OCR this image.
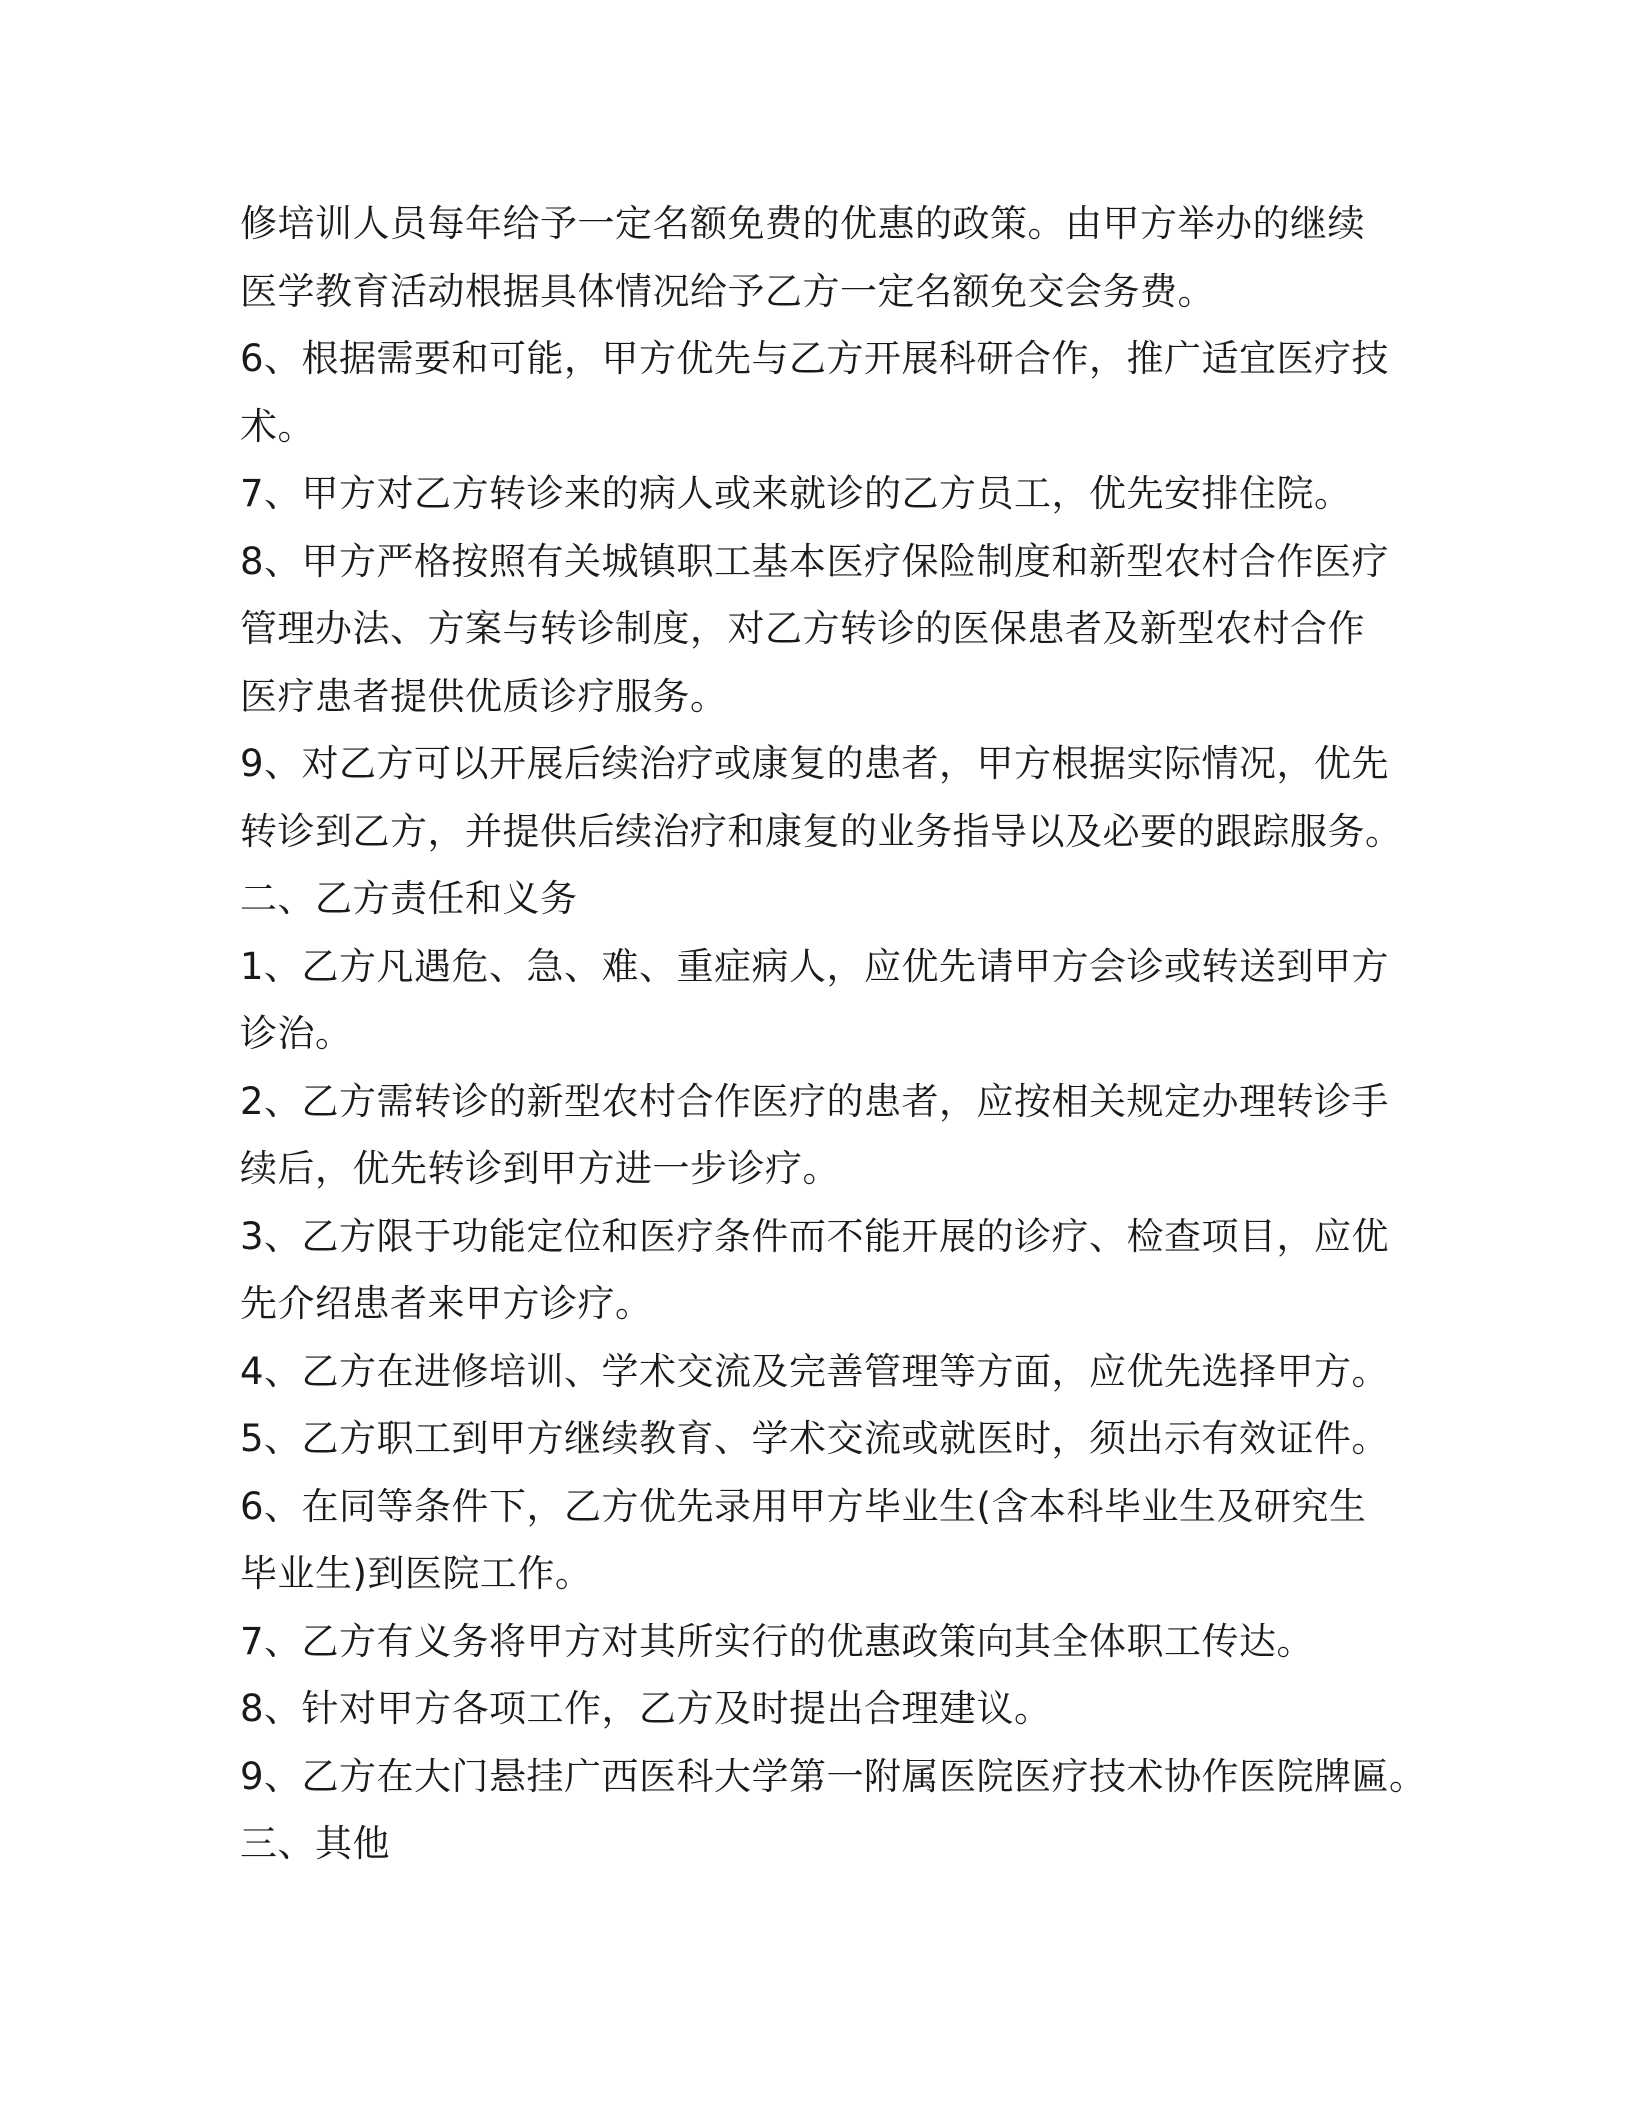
修培训人员每年给予一定名额免费的优惠的政策。由甲方举办的继续
医学教育活动根据具体情况给予乙方一定名额免交会务费。
6、根据需要和可能，甲方优先与乙方开展科研合作，推广适宜医疗技
术。
7、甲方对乙方转诊来的病人或来就诊的乙方员工，优先安排住院。
8、甲方严格按照有关城镇职工基本医疗保险制度和新型农村合作医疗
管理办法、方案与转诊制度，对乙方转诊的医保患者及新型农村合作
医疗患者提供优质诊疗服务。
9、对乙方可以开展后续治疗或康复的患者，甲方根据实际情况，优先
转诊到乙方，并提供后续治疗和康复的业务指导以及必要的跟踪服务。
二、乙方责任和义务
1、乙方凡遇危、急、难、重症病人，应优先请甲方会诊或转送到甲方
诊治。
2、乙方需转诊的新型农村合作医疗的患者，应按相关规定办理转诊手
续后，优先转诊到甲方进一步诊疗。
3、乙方限于功能定位和医疗条件而不能开展的诊疗、检查项目，应优
先介绍患者来甲方诊疗。
4、乙方在进修培训、学术交流及完善管理等方面，应优先选择甲方。
5、乙方职工到甲方继续教育、学术交流或就医时，须出示有效证件。
6、在同等条件下，乙方优先录用甲方毕业生(含本科毕业生及研究生
毕业生)到医院工作。
7、乙方有义务将甲方对其所实行的优惠政策向其全体职工传达。
8、针对甲方各项工作，乙方及时提出合理建议。
9、乙方在大门悬挂广西医科大学第一附属医院医疗技术协作医院牌匾。
三、其他
